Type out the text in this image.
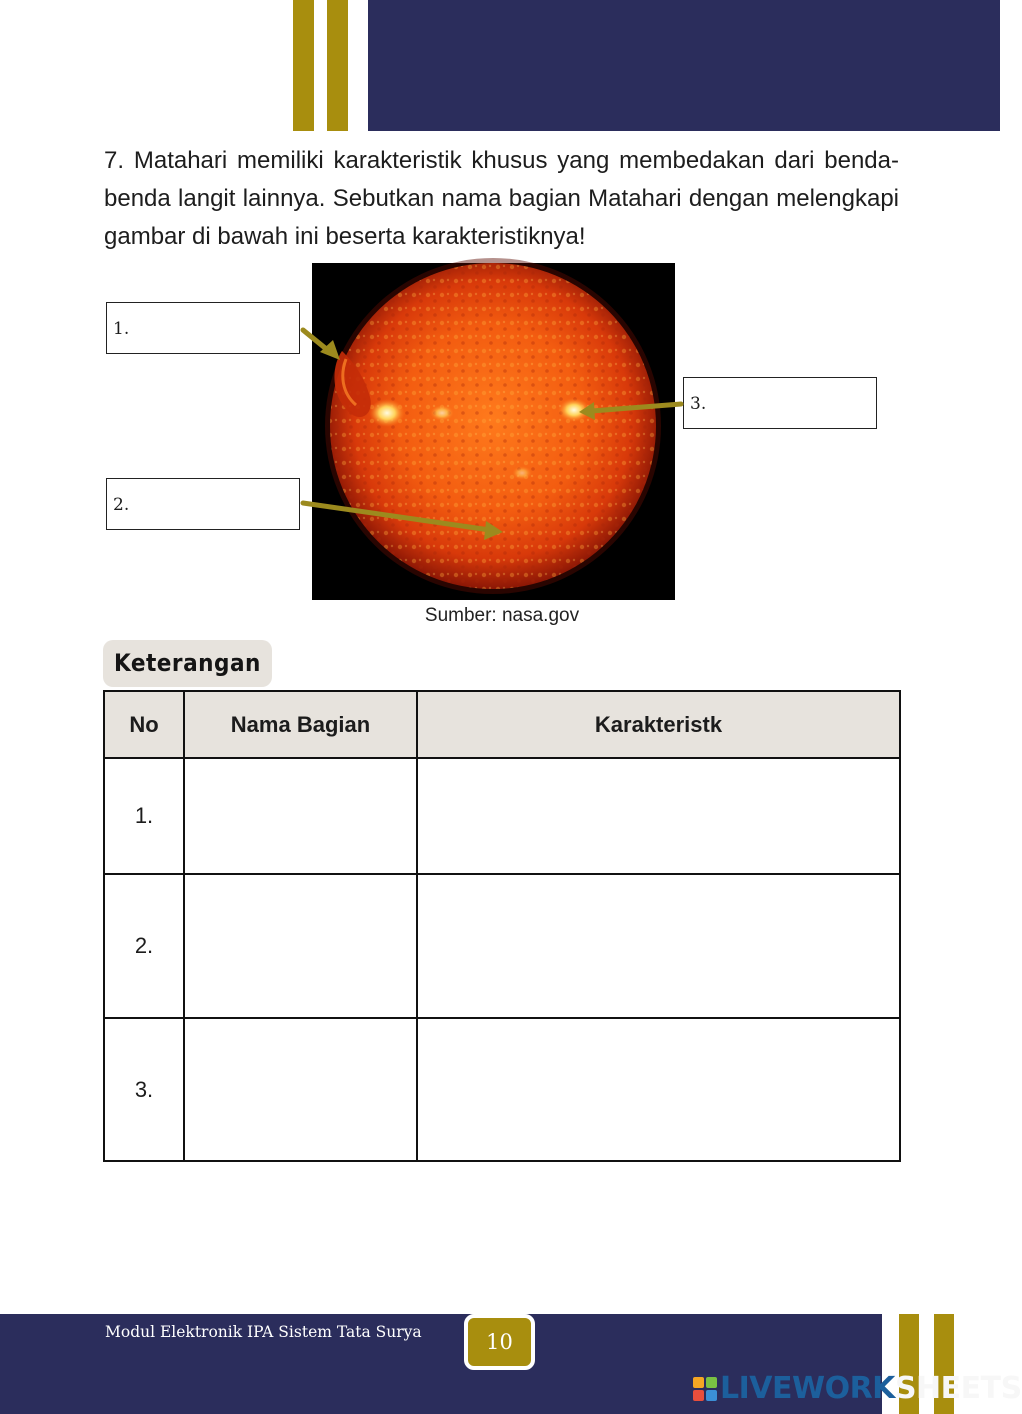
7. Matahari memiliki karakteristik khusus yang membedakan dari benda-benda langit lainnya. Sebutkan nama bagian Matahari dengan melengkapi gambar di bawah ini beserta karakteristiknya!
1.
2.
3.
Sumber: nasa.gov
Keterangan
No	Nama Bagian	Karakteristk
1.		
2.		
3.		
Modul Elektronik IPA Sistem Tata Surya	10
LIVEWORKSHEETS
